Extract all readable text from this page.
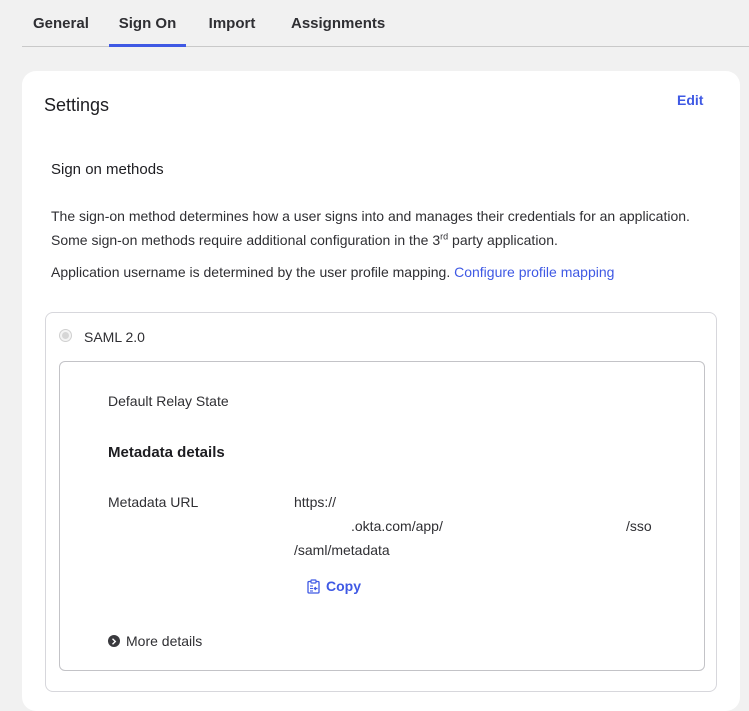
General	Sign On	Import Assignments
Settings	Edit
Sign on methods
The sign-on method determines how a user signs into and manages their credentials for an application. Some sign-on methods require additional configuration in the 3rd party application.
Application username is determined by the user profile mapping. Configure profile mapping
SAML 2.0
Default Relay State
Metadata details
Metadata URL	https://
.okta.com/app/	/sso
/saml/metadata
Copy
More details
